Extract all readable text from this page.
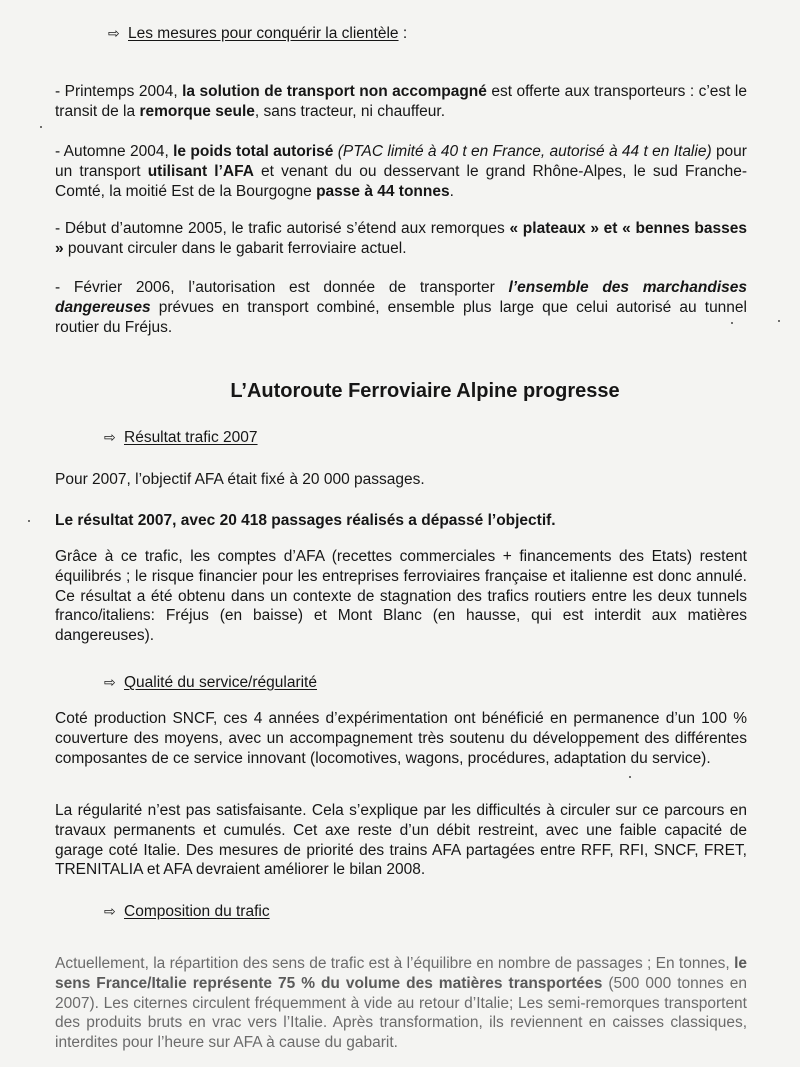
⇨ Les mesures pour conquérir la clientèle :
- Printemps 2004, la solution de transport non accompagné est offerte aux transporteurs : c’est le transit de la remorque seule, sans tracteur, ni chauffeur.
- Automne 2004, le poids total autorisé (PTAC limité à 40 t en France, autorisé à 44 t en Italie) pour un transport utilisant l’AFA et venant du ou desservant le grand Rhône-Alpes, le sud Franche-Comté, la moitié Est de la Bourgogne passe à 44 tonnes.
- Début d’automne 2005, le trafic autorisé s’étend aux remorques « plateaux » et « bennes basses » pouvant circuler dans le gabarit ferroviaire actuel.
- Février 2006, l’autorisation est donnée de transporter l’ensemble des marchandises dangereuses prévues en transport combiné, ensemble plus large que celui autorisé au tunnel routier du Fréjus.
L’Autoroute Ferroviaire Alpine progresse
⇨ Résultat trafic 2007
Pour 2007, l’objectif AFA était fixé à 20 000 passages.
Le résultat 2007, avec 20 418 passages réalisés a dépassé l’objectif.
Grâce à ce trafic, les comptes d’AFA (recettes commerciales + financements des Etats) restent équilibrés ; le risque financier pour les entreprises ferroviaires française et italienne est donc annulé. Ce résultat a été obtenu dans un contexte de stagnation des trafics routiers entre les deux tunnels franco/italiens: Fréjus (en baisse) et Mont Blanc (en hausse, qui est interdit aux matières dangereuses).
⇨ Qualité du service/régularité
Coté production SNCF, ces 4 années d’expérimentation ont bénéficié en permanence d’un 100 % couverture des moyens, avec un accompagnement très soutenu du développement des différentes composantes de ce service innovant (locomotives, wagons, procédures, adaptation du service).
La régularité n’est pas satisfaisante. Cela s’explique par les difficultés à circuler sur ce parcours en travaux permanents et cumulés. Cet axe reste d’un débit restreint, avec une faible capacité de garage coté Italie. Des mesures de priorité des trains AFA partagées entre RFF, RFI, SNCF, FRET, TRENITALIA et AFA devraient améliorer le bilan 2008.
⇨ Composition du trafic
Actuellement, la répartition des sens de trafic est à l’équilibre en nombre de passages ; En tonnes, le sens France/Italie représente 75 % du volume des matières transportées (500 000 tonnes en 2007). Les citernes circulent fréquemment à vide au retour d’Italie; Les semi-remorques transportent des produits bruts en vrac vers l’Italie. Après transformation, ils reviennent en caisses classiques, interdites pour l’heure sur AFA à cause du gabarit.
